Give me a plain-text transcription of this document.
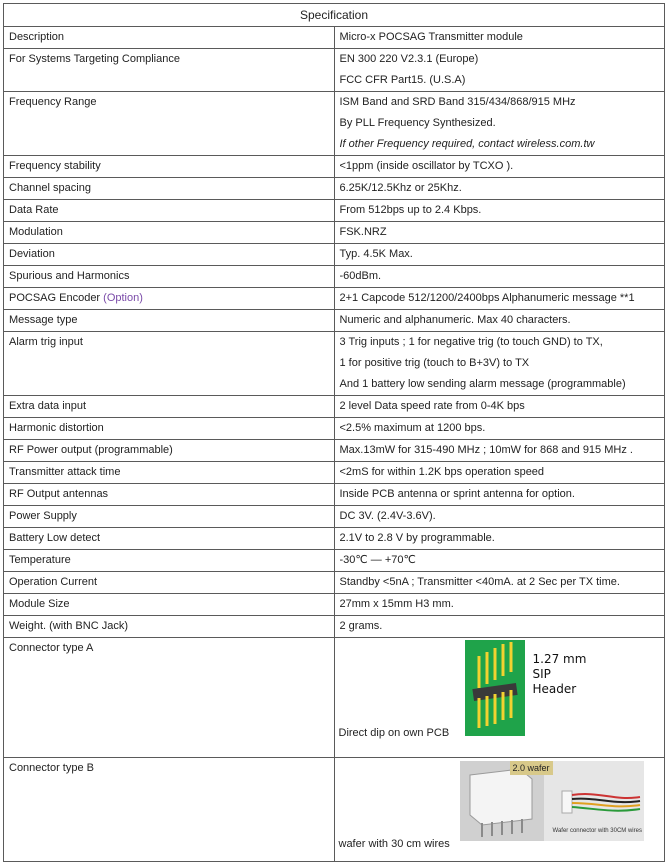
Specification	
Description	Micro-x POCSAG Transmitter module

For Systems Targeting Compliance	EN 300 220 V2.3.1 (Europe)
FCC CFR Part15. (U.S.A)

Frequency Range	ISM Band and SRD Band 315/434/868/915 MHz
By PLL Frequency Synthesized.
If other Frequency required, contact wireless.com.tw

Frequency stability	<1ppm (inside oscillator by TCXO ).

Channel spacing	6.25K/12.5Khz or 25Khz.

Data Rate	From 512bps up to 2.4 Kbps.

Modulation	FSK.NRZ

Deviation	Typ. 4.5K Max.

Spurious and Harmonics	-60dBm.

POCSAG Encoder (Option)	2+1 Capcode 512/1200/2400bps Alphanumeric message **1

Message type	Numeric and alphanumeric. Max 40 characters.

Alarm trig input	3 Trig inputs ; 1 for negative trig (to touch GND) to TX,
1 for positive trig (touch to B+3V) to TX
And 1 battery low sending alarm message (programmable)

Extra data input	2 level Data speed rate from 0-4K bps

Harmonic distortion	<2.5% maximum at 1200 bps.

RF Power output (programmable)	Max.13mW for 315-490 MHz ; 10mW for 868 and 915 MHz .

Transmitter attack time	<2mS for within 1.2K bps operation speed

RF Output antennas	Inside PCB antenna or sprint antenna for option.

Power Supply	DC 3V. (2.4V-3.6V).

Battery Low detect	2.1V to 2.8 V by programmable.

Temperature	-30℃ — +70℃

Operation Current	Standby <5nA ; Transmitter <40mA. at 2 Sec per TX time.

Module Size	27mm x 15mm H3 mm.

Weight. (with BNC Jack)	2 grams.

Connector type A	1.27 mm
SIP
Header
Direct dip on own PCB

Connector type B	2.0 wafer
Wafer connector with 30CM wires
wafer with 30 cm wires
